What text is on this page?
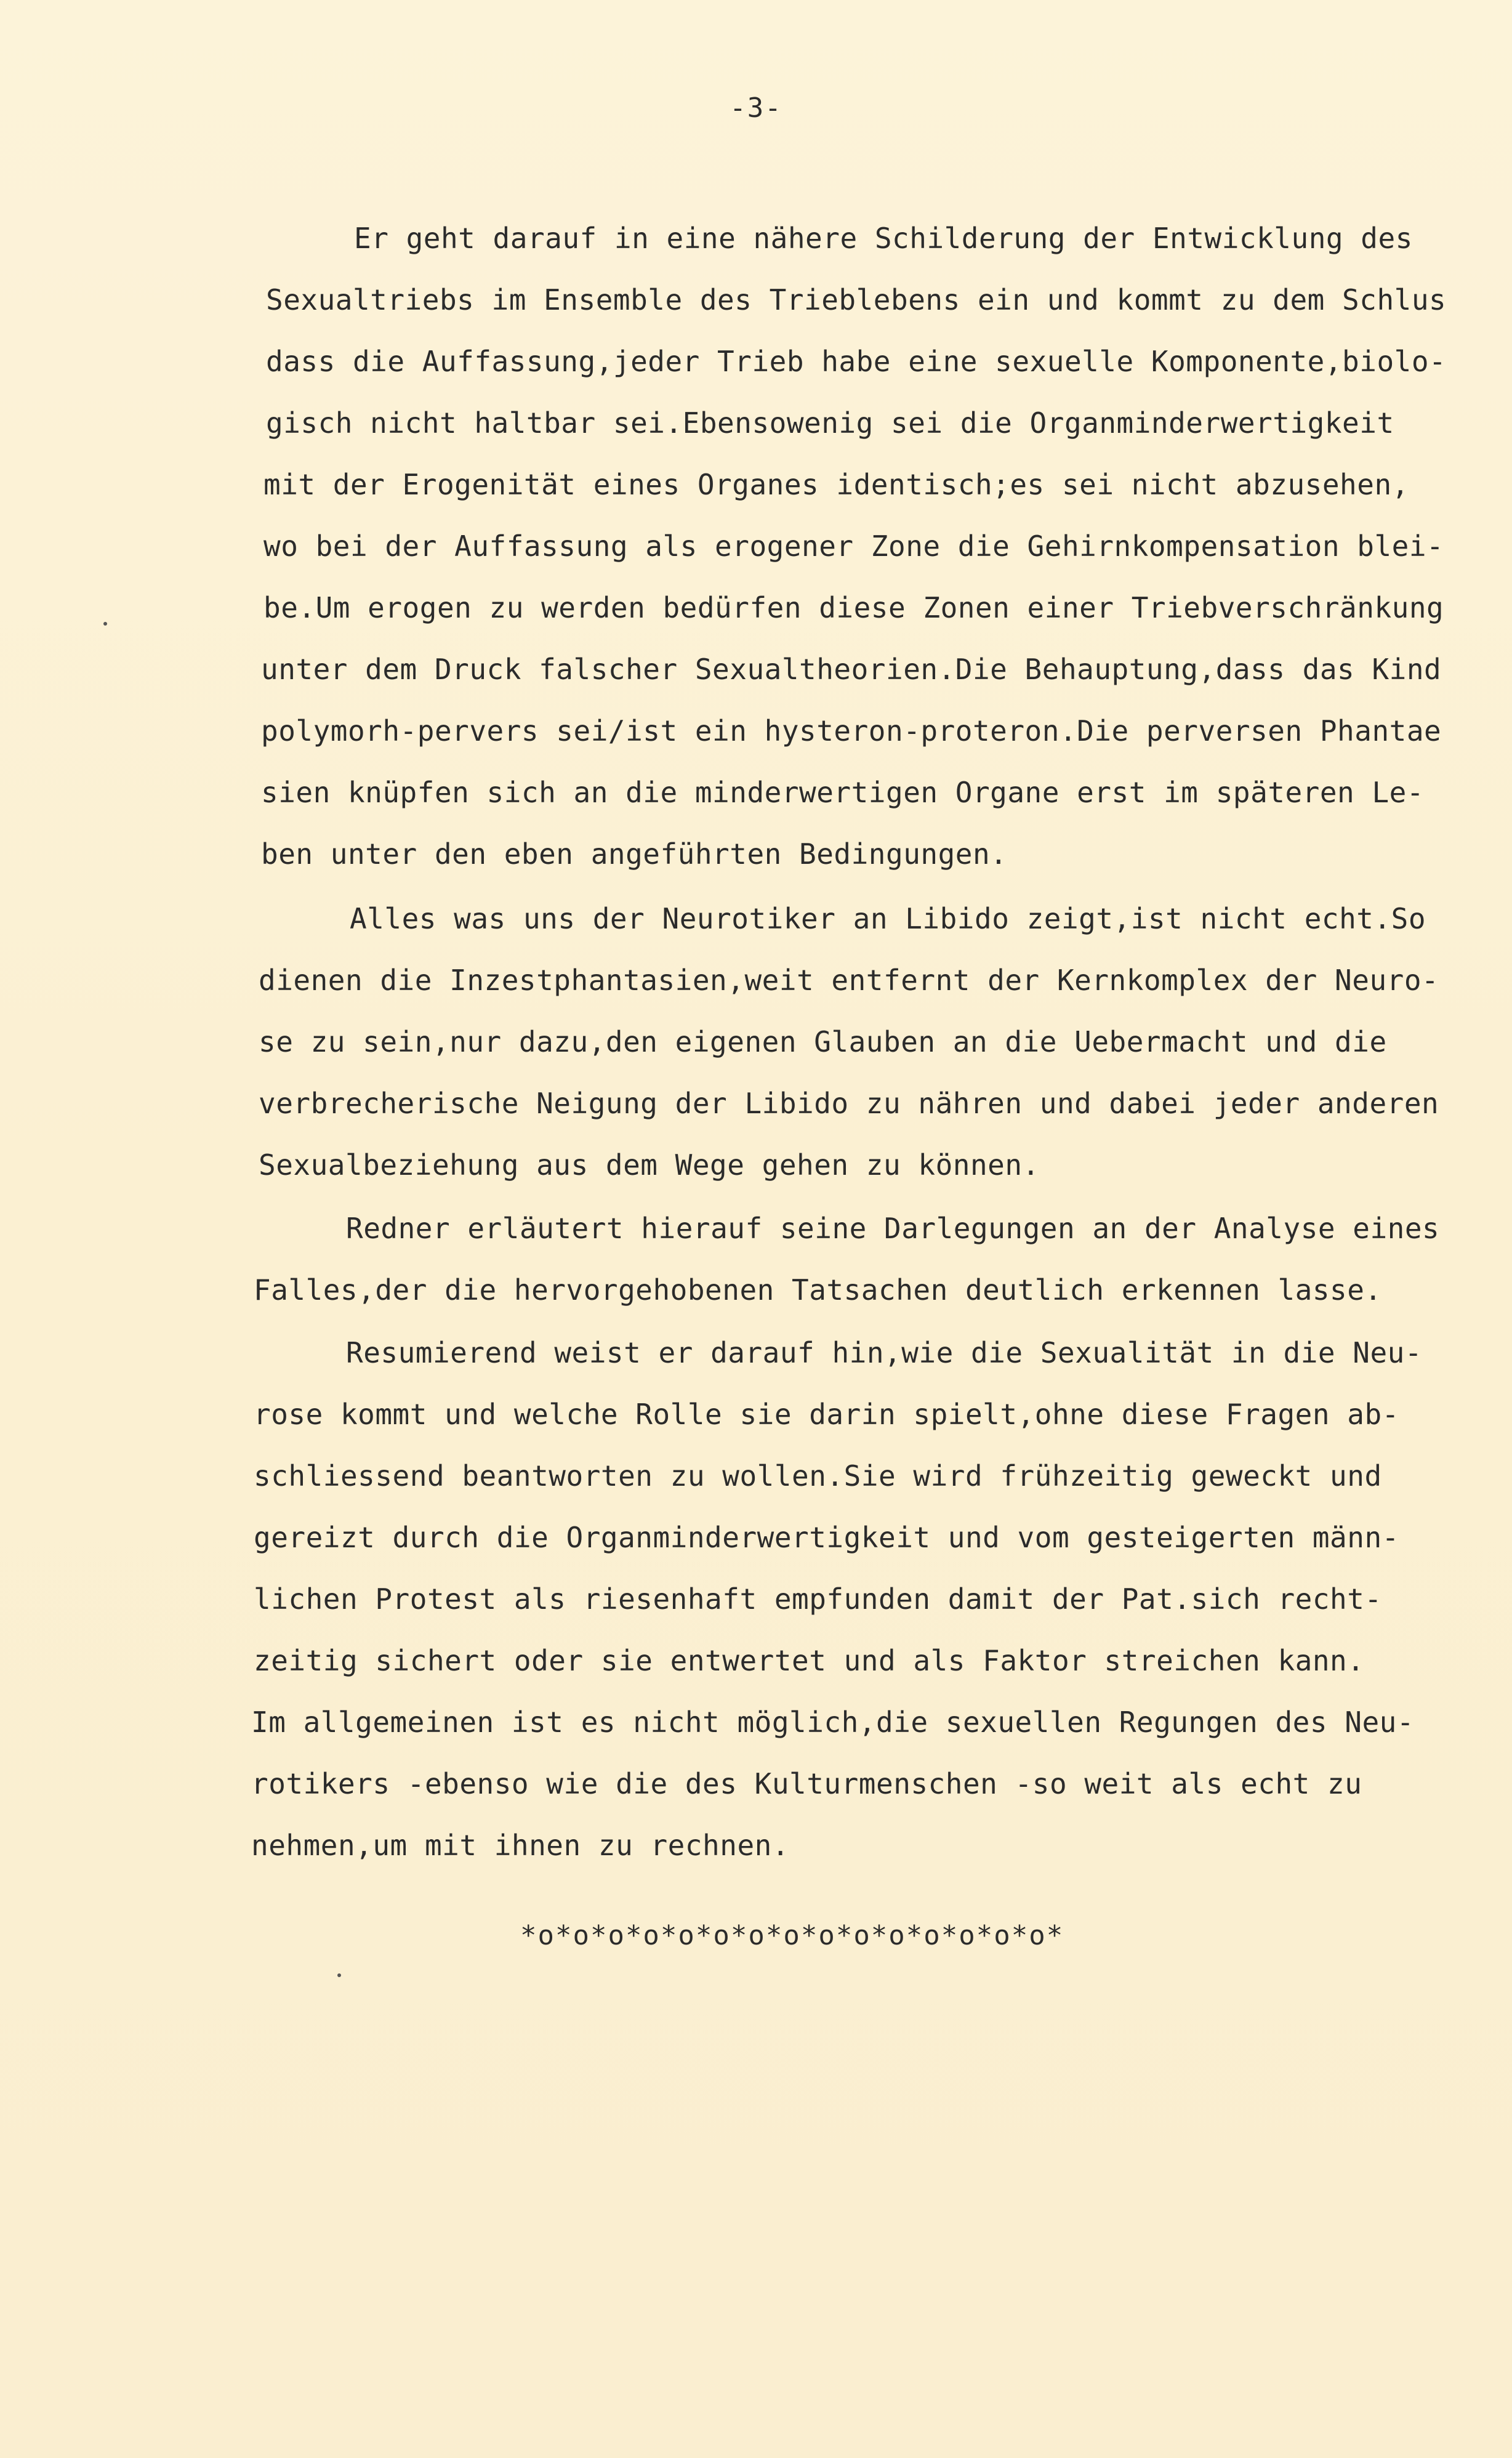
-3-
Er geht darauf in eine nähere Schilderung der Entwicklung des
Sexualtriebs im Ensemble des Trieblebens ein und kommt zu dem Schlus
dass die Auffassung,jeder Trieb habe eine sexuelle Komponente,biolo-
gisch nicht haltbar sei.Ebensowenig sei die Organminderwertigkeit
mit der Erogenität eines Organes identisch;es sei nicht abzusehen,
wo bei der Auffassung als erogener Zone die Gehirnkompensation blei-
be.Um erogen zu werden bedürfen diese Zonen einer Triebverschränkung
unter dem Druck falscher Sexualtheorien.Die Behauptung,dass das Kind
polymorh-pervers sei/ist ein hysteron-proteron.Die perversen Phantae
sien knüpfen sich an die minderwertigen Organe erst im späteren Le-
ben unter den eben angeführten Bedingungen.
Alles was uns der Neurotiker an Libido zeigt,ist nicht echt.So
dienen die Inzestphantasien,weit entfernt der Kernkomplex der Neuro-
se zu sein,nur dazu,den eigenen Glauben an die Uebermacht und die
verbrecherische Neigung der Libido zu nähren und dabei jeder anderen
Sexualbeziehung aus dem Wege gehen zu können.
Redner erläutert hierauf seine Darlegungen an der Analyse eines
Falles,der die hervorgehobenen Tatsachen deutlich erkennen lasse.
Resumierend weist er darauf hin,wie die Sexualität in die Neu-
rose kommt und welche Rolle sie darin spielt,ohne diese Fragen ab-
schliessend beantworten zu wollen.Sie wird frühzeitig geweckt und
gereizt durch die Organminderwertigkeit und vom gesteigerten männ-
lichen Protest als riesenhaft empfunden damit der Pat.sich recht-
zeitig sichert oder sie entwertet und als Faktor streichen kann.
Im allgemeinen ist es nicht möglich,die sexuellen Regungen des Neu-
rotikers -ebenso wie die des Kulturmenschen -so weit als echt zu
nehmen,um mit ihnen zu rechnen.
*o*o*o*o*o*o*o*o*o*o*o*o*o*o*o*
